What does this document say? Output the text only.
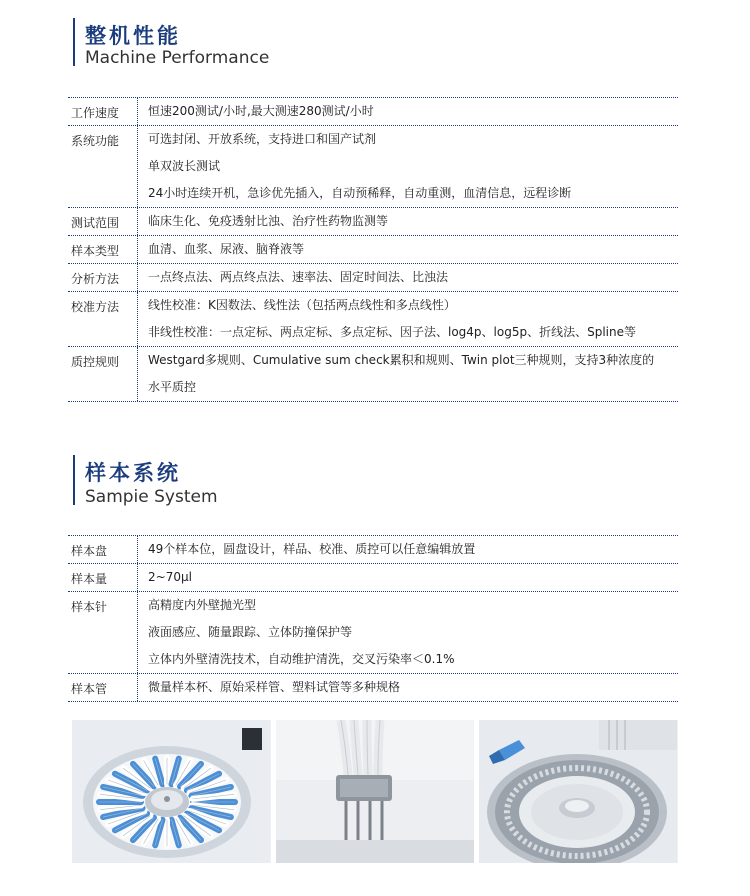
整机性能
Machine Performance
工作速度	恒速200测试/小时,最大测速280测试/小时
系统功能	可选封闭、开放系统，支持进口和国产试剂
单双波长测试
24小时连续开机，急诊优先插入，自动预稀释，自动重测，血清信息，远程诊断
测试范围	临床生化、免疫透射比浊、治疗性药物监测等
样本类型	血清、血浆、尿液、脑脊液等
分析方法	一点终点法、两点终点法、速率法、固定时间法、比浊法
校准方法	线性校准：K因数法、线性法（包括两点线性和多点线性）
非线性校准：一点定标、两点定标、多点定标、因子法、log4p、log5p、折线法、Spline等
质控规则	Westgard多规则、Cumulative sum check累积和规则、Twin plot三种规则，支持3种浓度的
水平质控
样本系统
Sampie System
样本盘	49个样本位，圆盘设计，样品、校准、质控可以任意编辑放置
样本量	2~70μl
样本针	高精度内外壁抛光型
液面感应、随量跟踪、立体防撞保护等
立体内外壁清洗技术，自动维护清洗，交叉污染率＜0.1%
样本管	微量样本杯、原始采样管、塑料试管等多种规格
